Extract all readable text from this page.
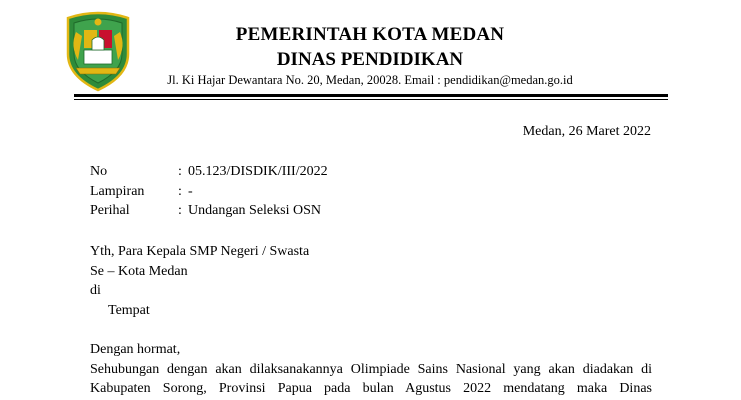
PEMERINTAH KOTA MEDAN
DINAS PENDIDIKAN
Jl. Ki Hajar Dewantara No. 20, Medan, 20028. Email : pendidikan@medan.go.id
Medan, 26 Maret 2022
No	: 05.123/DISDIK/III/2022
Lampiran	: -
Perihal	: Undangan Seleksi OSN
Yth, Para Kepala SMP Negeri / Swasta
Se – Kota Medan
di
Tempat
Dengan hormat,
Sehubungan dengan akan dilaksanakannya Olimpiade Sains Nasional yang akan diadakan di
Kabupaten Sorong, Provinsi Papua pada bulan Agustus 2022 mendatang maka Dinas
